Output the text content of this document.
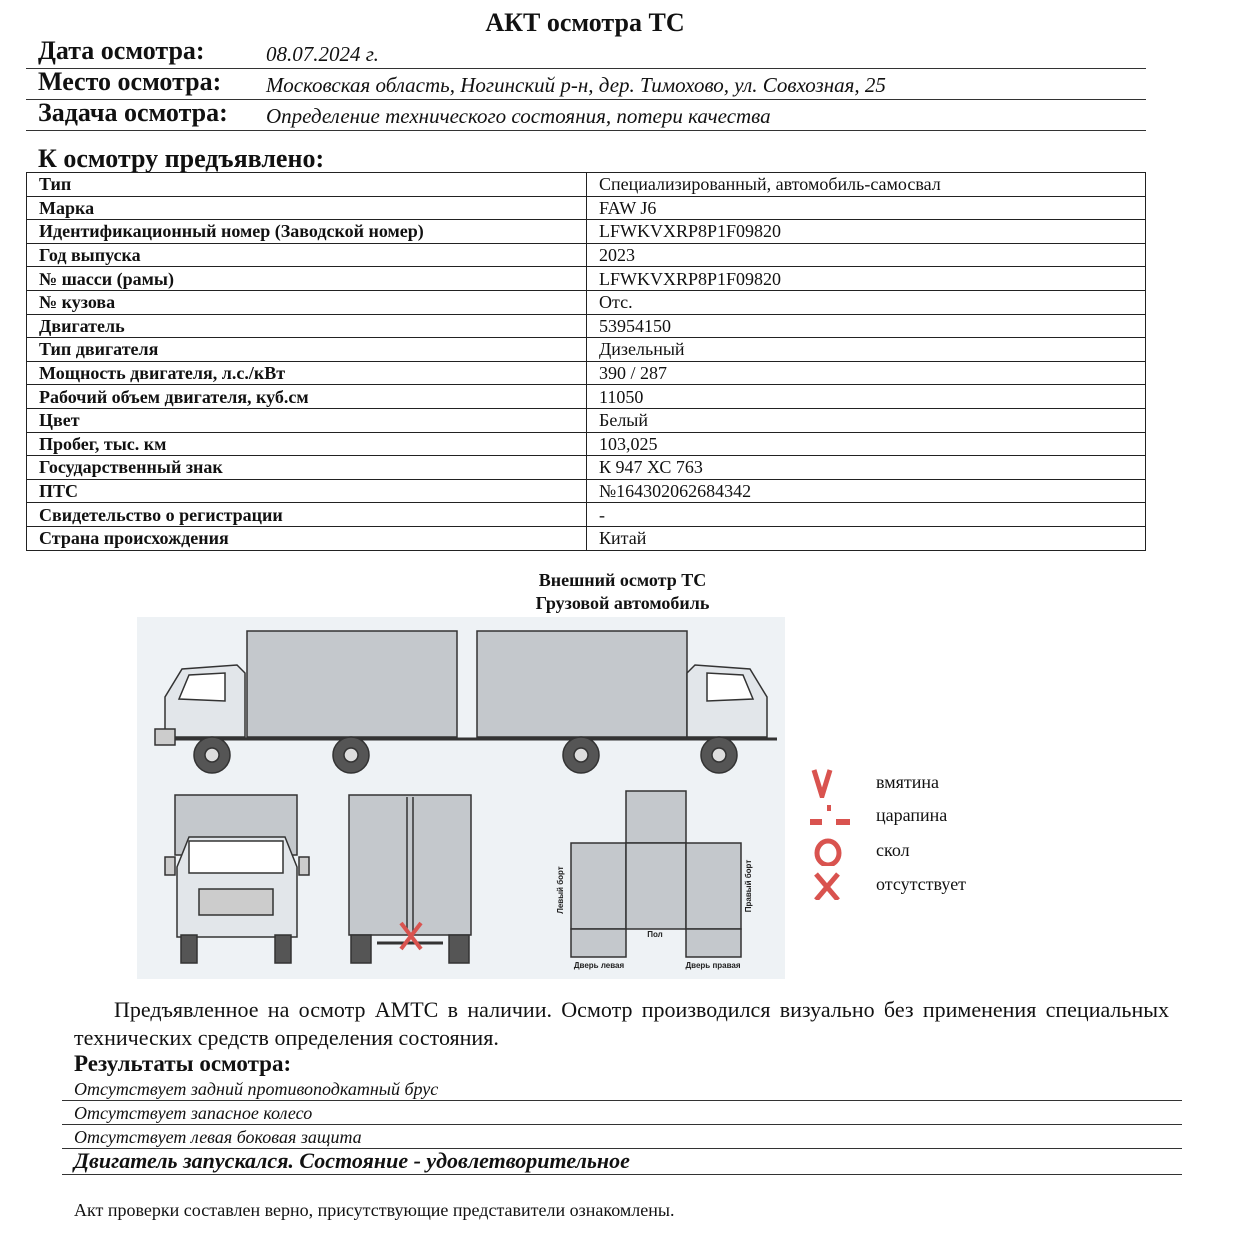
АКТ осмотра ТС
Дата осмотра:	08.07.2024 г.
Место осмотра: Московская область, Ногинский р-н, дер. Тимохово, ул. Совхозная, 25
Задача осмотра: Определение технического состояния, потери качества
К осмотру предъявлено:
Тип	Специализированный, автомобиль-самосвал
Марка	FAW J6
Идентификационный номер (Заводской номер)	LFWKVXRP8P1F09820
Год выпуска	2023
№ шасси (рамы)	LFWKVXRP8P1F09820
№ кузова	Отс.
Двигатель	53954150
Тип двигателя	Дизельный
Мощность двигателя, л.с./кВт	390 / 287
Рабочий объем двигателя, куб.см	11050
Цвет	Белый
Пробег, тыс. км	103,025
Государственный знак	К 947 ХС 763
ПТС	№164302062684342
Свидетельство о регистрации	-
Страна происхождения	Китай
Внешний осмотр ТС
Грузовой автомобиль
Левый борт	Правый борт
Пол
Дверь левая	Дверь правая
вмятина
царапина
скол
отсутствует
Предъявленное на осмотр АМТС в наличии. Осмотр производился визуально без применения специальных технических средств определения состояния.
Результаты осмотра:
Отсутствует задний противоподкатный брус
Отсутствует запасное колесо
Отсутствует левая боковая защита
Двигатель запускался. Состояние - удовлетворительное
Акт проверки составлен верно, присутствующие представители ознакомлены.
